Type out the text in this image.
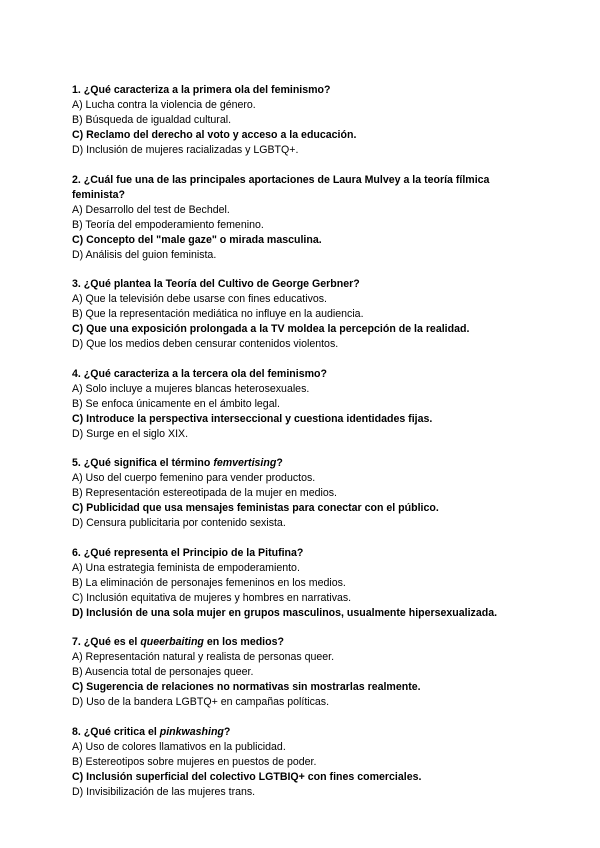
1. ¿Qué caracteriza a la primera ola del feminismo?
A) Lucha contra la violencia de género.
B) Búsqueda de igualdad cultural.
C) Reclamo del derecho al voto y acceso a la educación.
D) Inclusión de mujeres racializadas y LGBTQ+.
2. ¿Cuál fue una de las principales aportaciones de Laura Mulvey a la teoría fílmica feminista?
A) Desarrollo del test de Bechdel.
B) Teoría del empoderamiento femenino.
C) Concepto del "male gaze" o mirada masculina.
D) Análisis del guion feminista.
3. ¿Qué plantea la Teoría del Cultivo de George Gerbner?
A) Que la televisión debe usarse con fines educativos.
B) Que la representación mediática no influye en la audiencia.
C) Que una exposición prolongada a la TV moldea la percepción de la realidad.
D) Que los medios deben censurar contenidos violentos.
4. ¿Qué caracteriza a la tercera ola del feminismo?
A) Solo incluye a mujeres blancas heterosexuales.
B) Se enfoca únicamente en el ámbito legal.
C) Introduce la perspectiva interseccional y cuestiona identidades fijas.
D) Surge en el siglo XIX.
5. ¿Qué significa el término femvertising?
A) Uso del cuerpo femenino para vender productos.
B) Representación estereotipada de la mujer en medios.
C) Publicidad que usa mensajes feministas para conectar con el público.
D) Censura publicitaria por contenido sexista.
6. ¿Qué representa el Principio de la Pitufina?
A) Una estrategia feminista de empoderamiento.
B) La eliminación de personajes femeninos en los medios.
C) Inclusión equitativa de mujeres y hombres en narrativas.
D) Inclusión de una sola mujer en grupos masculinos, usualmente hipersexualizada.
7. ¿Qué es el queerbaiting en los medios?
A) Representación natural y realista de personas queer.
B) Ausencia total de personajes queer.
C) Sugerencia de relaciones no normativas sin mostrarlas realmente.
D) Uso de la bandera LGBTQ+ en campañas políticas.
8. ¿Qué critica el pinkwashing?
A) Uso de colores llamativos en la publicidad.
B) Estereotipos sobre mujeres en puestos de poder.
C) Inclusión superficial del colectivo LGTBIQ+ con fines comerciales.
D) Invisibilización de las mujeres trans.
